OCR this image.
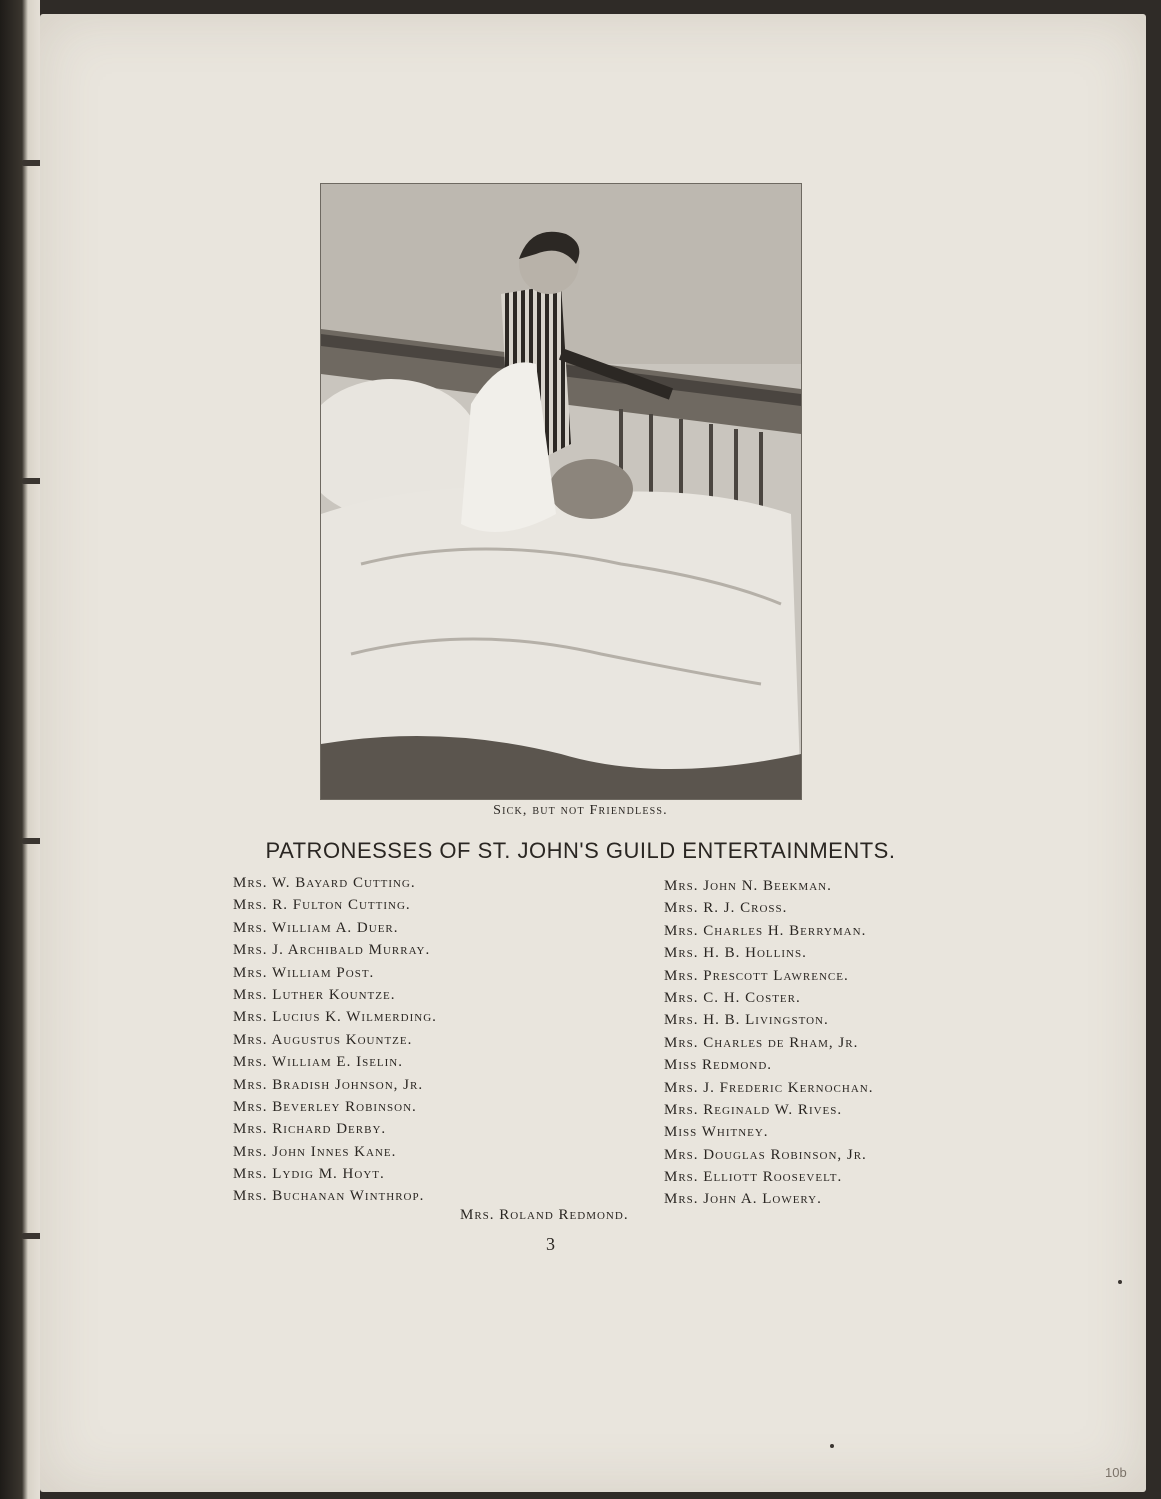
Sick, but not Friendless.
PATRONESSES OF ST. JOHN'S GUILD ENTERTAINMENTS.
Mrs. W. Bayard Cutting.
Mrs. R. Fulton Cutting.
Mrs. William A. Duer.
Mrs. J. Archibald Murray.
Mrs. William Post.
Mrs. Luther Kountze.
Mrs. Lucius K. Wilmerding.
Mrs. Augustus Kountze.
Mrs. William E. Iselin.
Mrs. Bradish Johnson, Jr.
Mrs. Beverley Robinson.
Mrs. Richard Derby.
Mrs. John Innes Kane.
Mrs. Lydig M. Hoyt.
Mrs. Buchanan Winthrop.
Mrs. John N. Beekman.
Mrs. R. J. Cross.
Mrs. Charles H. Berryman.
Mrs. H. B. Hollins.
Mrs. Prescott Lawrence.
Mrs. C. H. Coster.
Mrs. H. B. Livingston.
Mrs. Charles de Rham, Jr.
Miss Redmond.
Mrs. J. Frederic Kernochan.
Mrs. Reginald W. Rives.
Miss Whitney.
Mrs. Douglas Robinson, Jr.
Mrs. Elliott Roosevelt.
Mrs. John A. Lowery.
Mrs. Roland Redmond.
3
10b
